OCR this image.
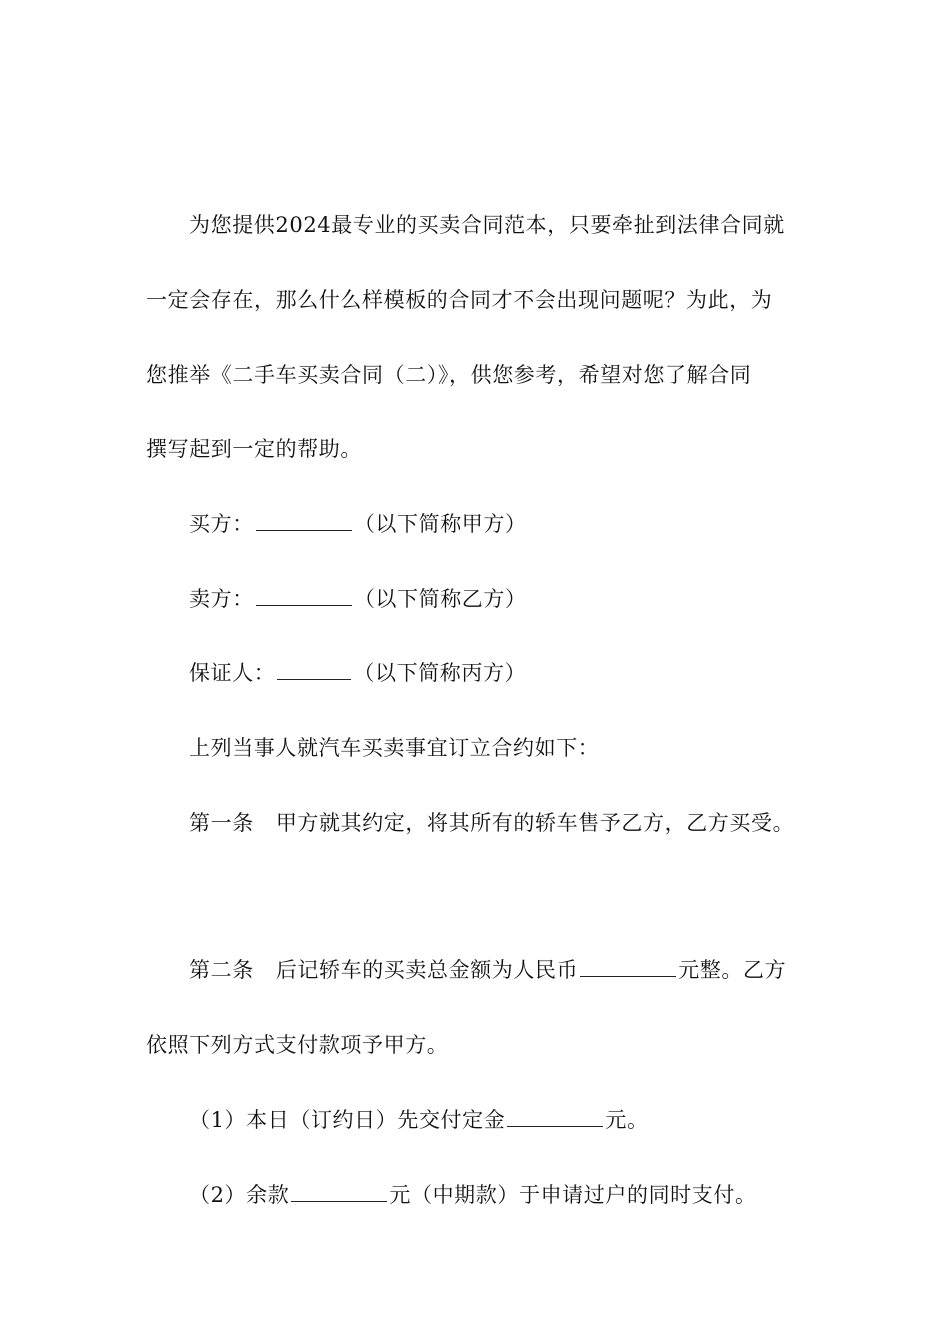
为您提供2024最专业的买卖合同范本，只要牵扯到法律合同就
一定会存在，那么什么样模板的合同才不会出现问题呢？为此，为
您推举《二手车买卖合同（二）》，供您参考，希望对您了解合同
撰写起到一定的帮助。
买方：	（以下简称甲方）
卖方：	（以下简称乙方）
保证人：	（以下简称丙方）
上列当事人就汽车买卖事宜订立合约如下：
第一条 甲方就其约定，将其所有的轿车售予乙方，乙方买受。
第二条 后记轿车的买卖总金额为人民币	元整。乙方
依照下列方式支付款项予甲方。
（1）本日（订约日）先交付定金	元。
（2）余款	元（中期款）于申请过户的同时支付。
